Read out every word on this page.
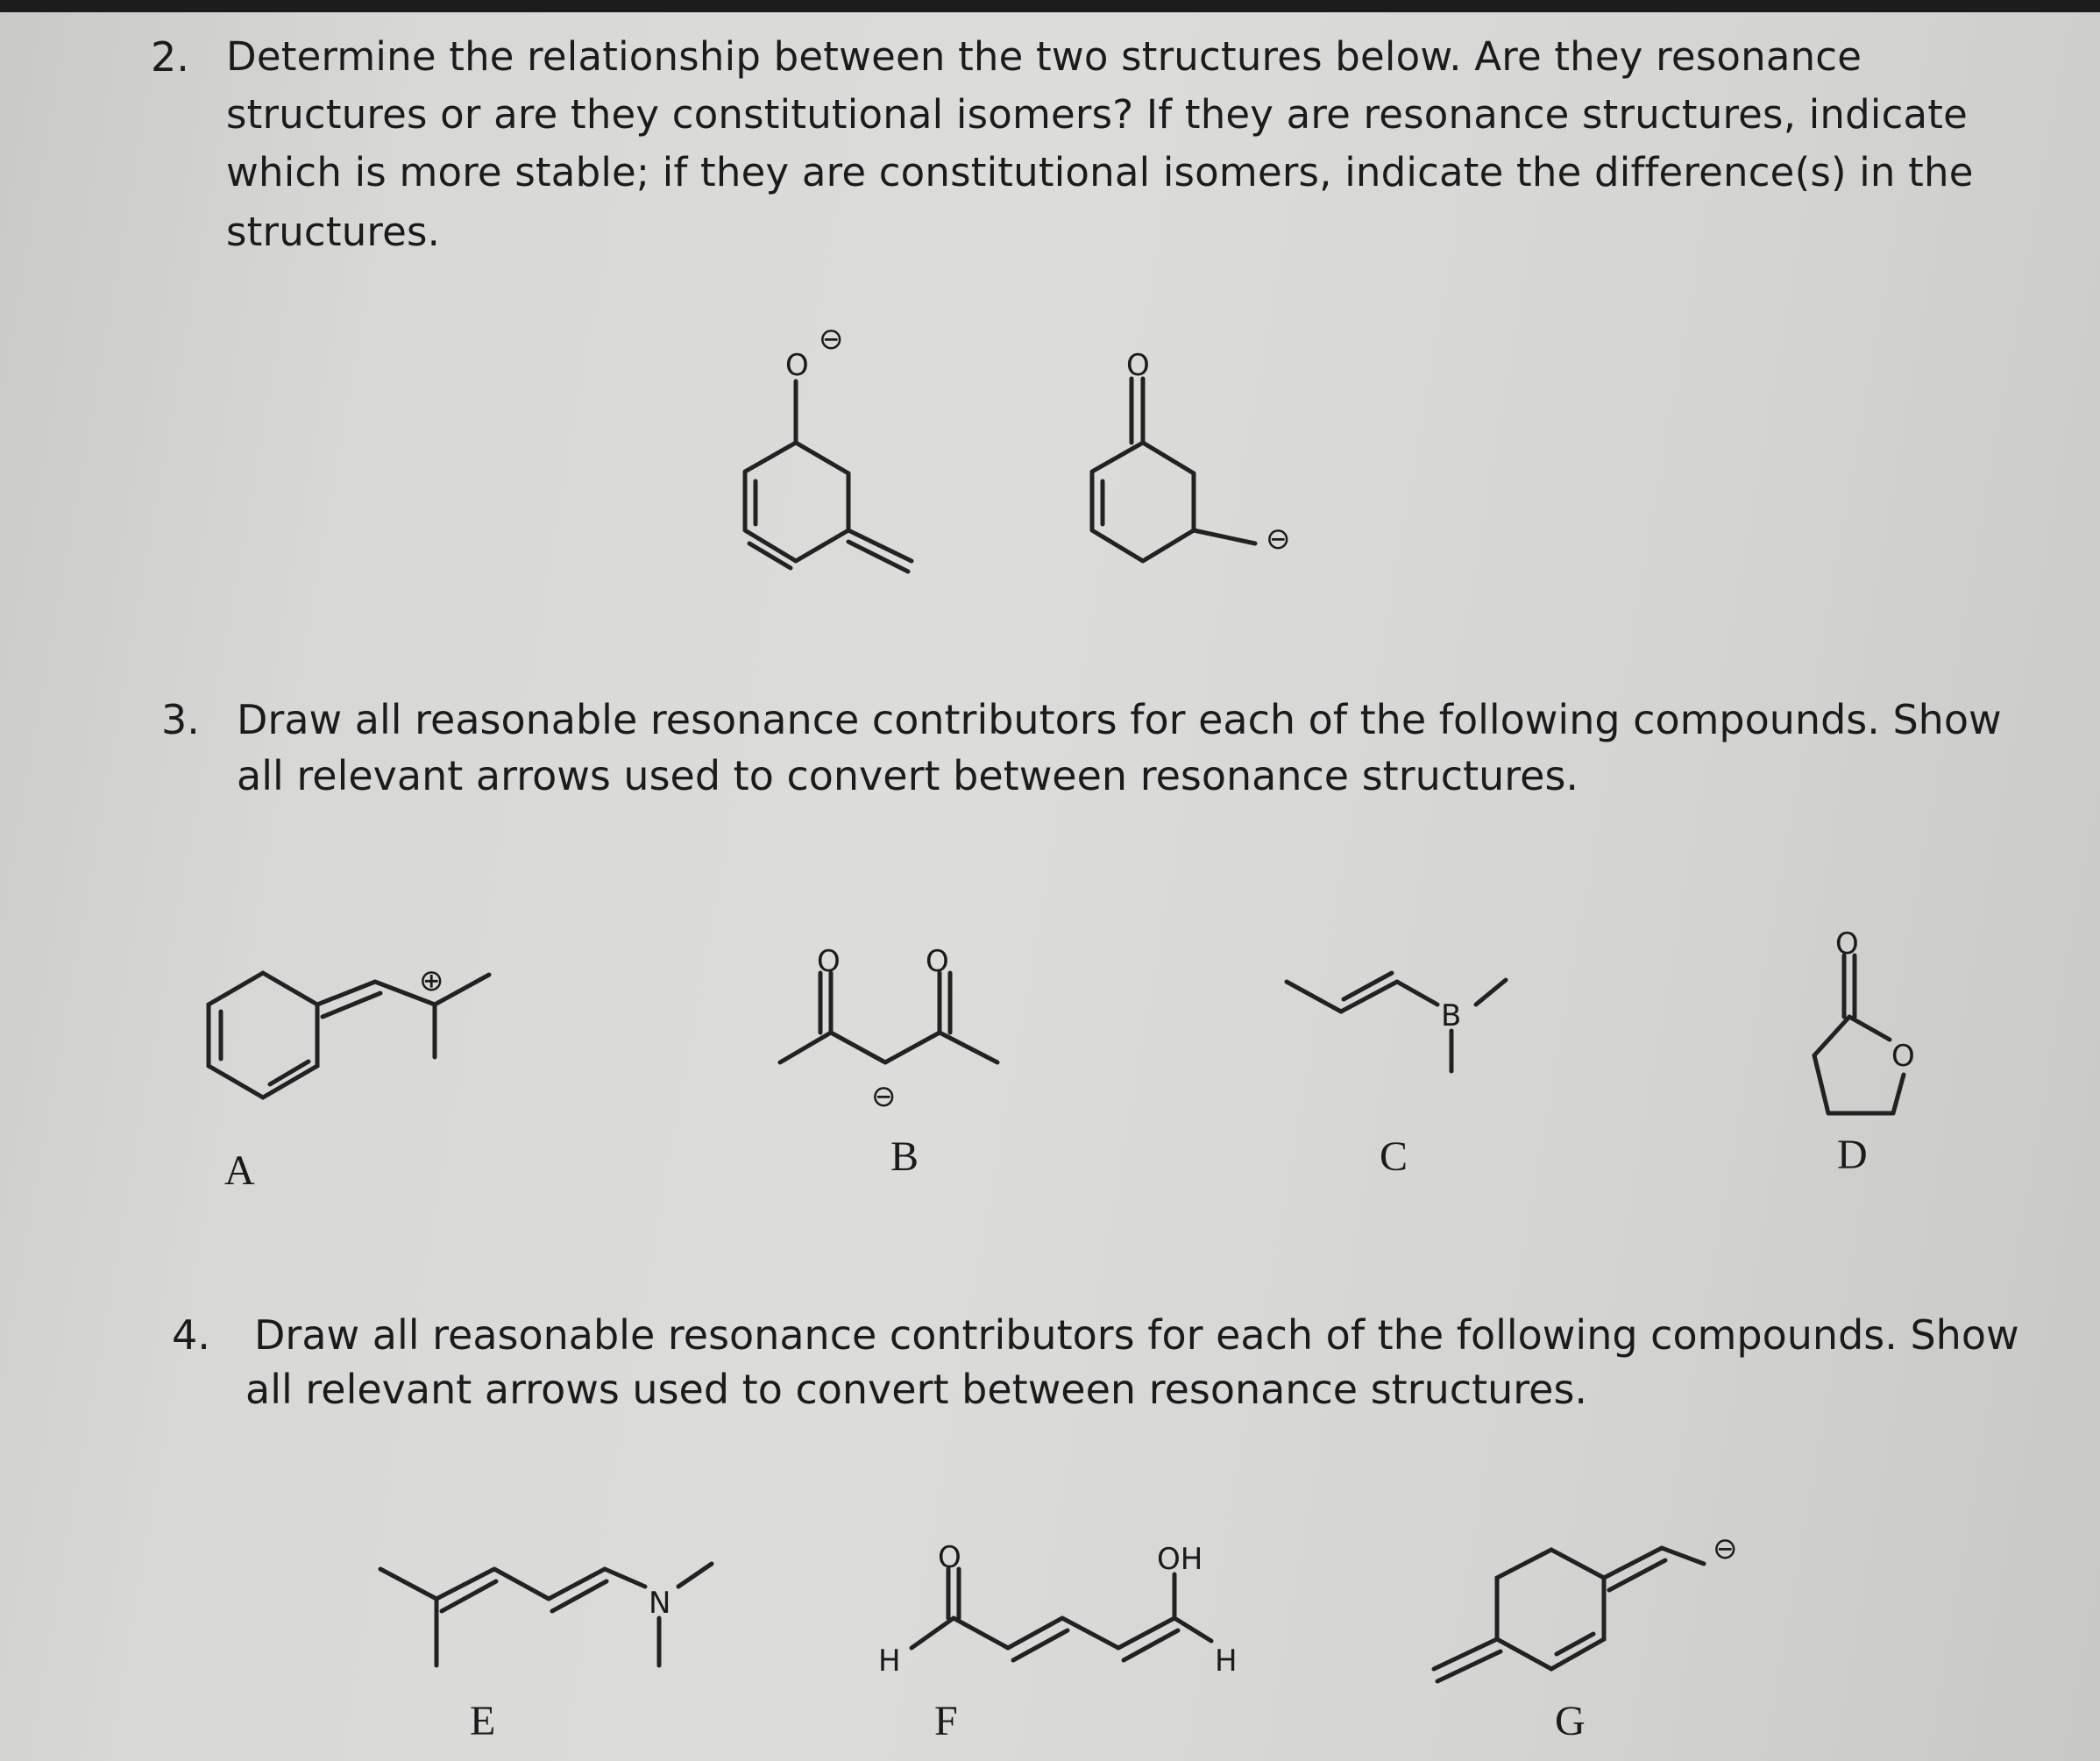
2. Determine the relationship between the two structures below. Are they resonance
structures or are they constitutional isomers? If they are resonance structures, indicate
which is more stable; if they are constitutional isomers, indicate the difference(s) in the
structures.
3. Draw all reasonable resonance contributors for each of the following compounds. Show
all relevant arrows used to convert between resonance structures.
4. Draw all reasonable resonance contributors for each of the following compounds. Show
all relevant arrows used to convert between resonance structures.
A	B	C	D
E	F	G
O
⊖
O
⊖
⊕
O	O
⊖
B
O
O
N
O
H
OH
H
⊖
